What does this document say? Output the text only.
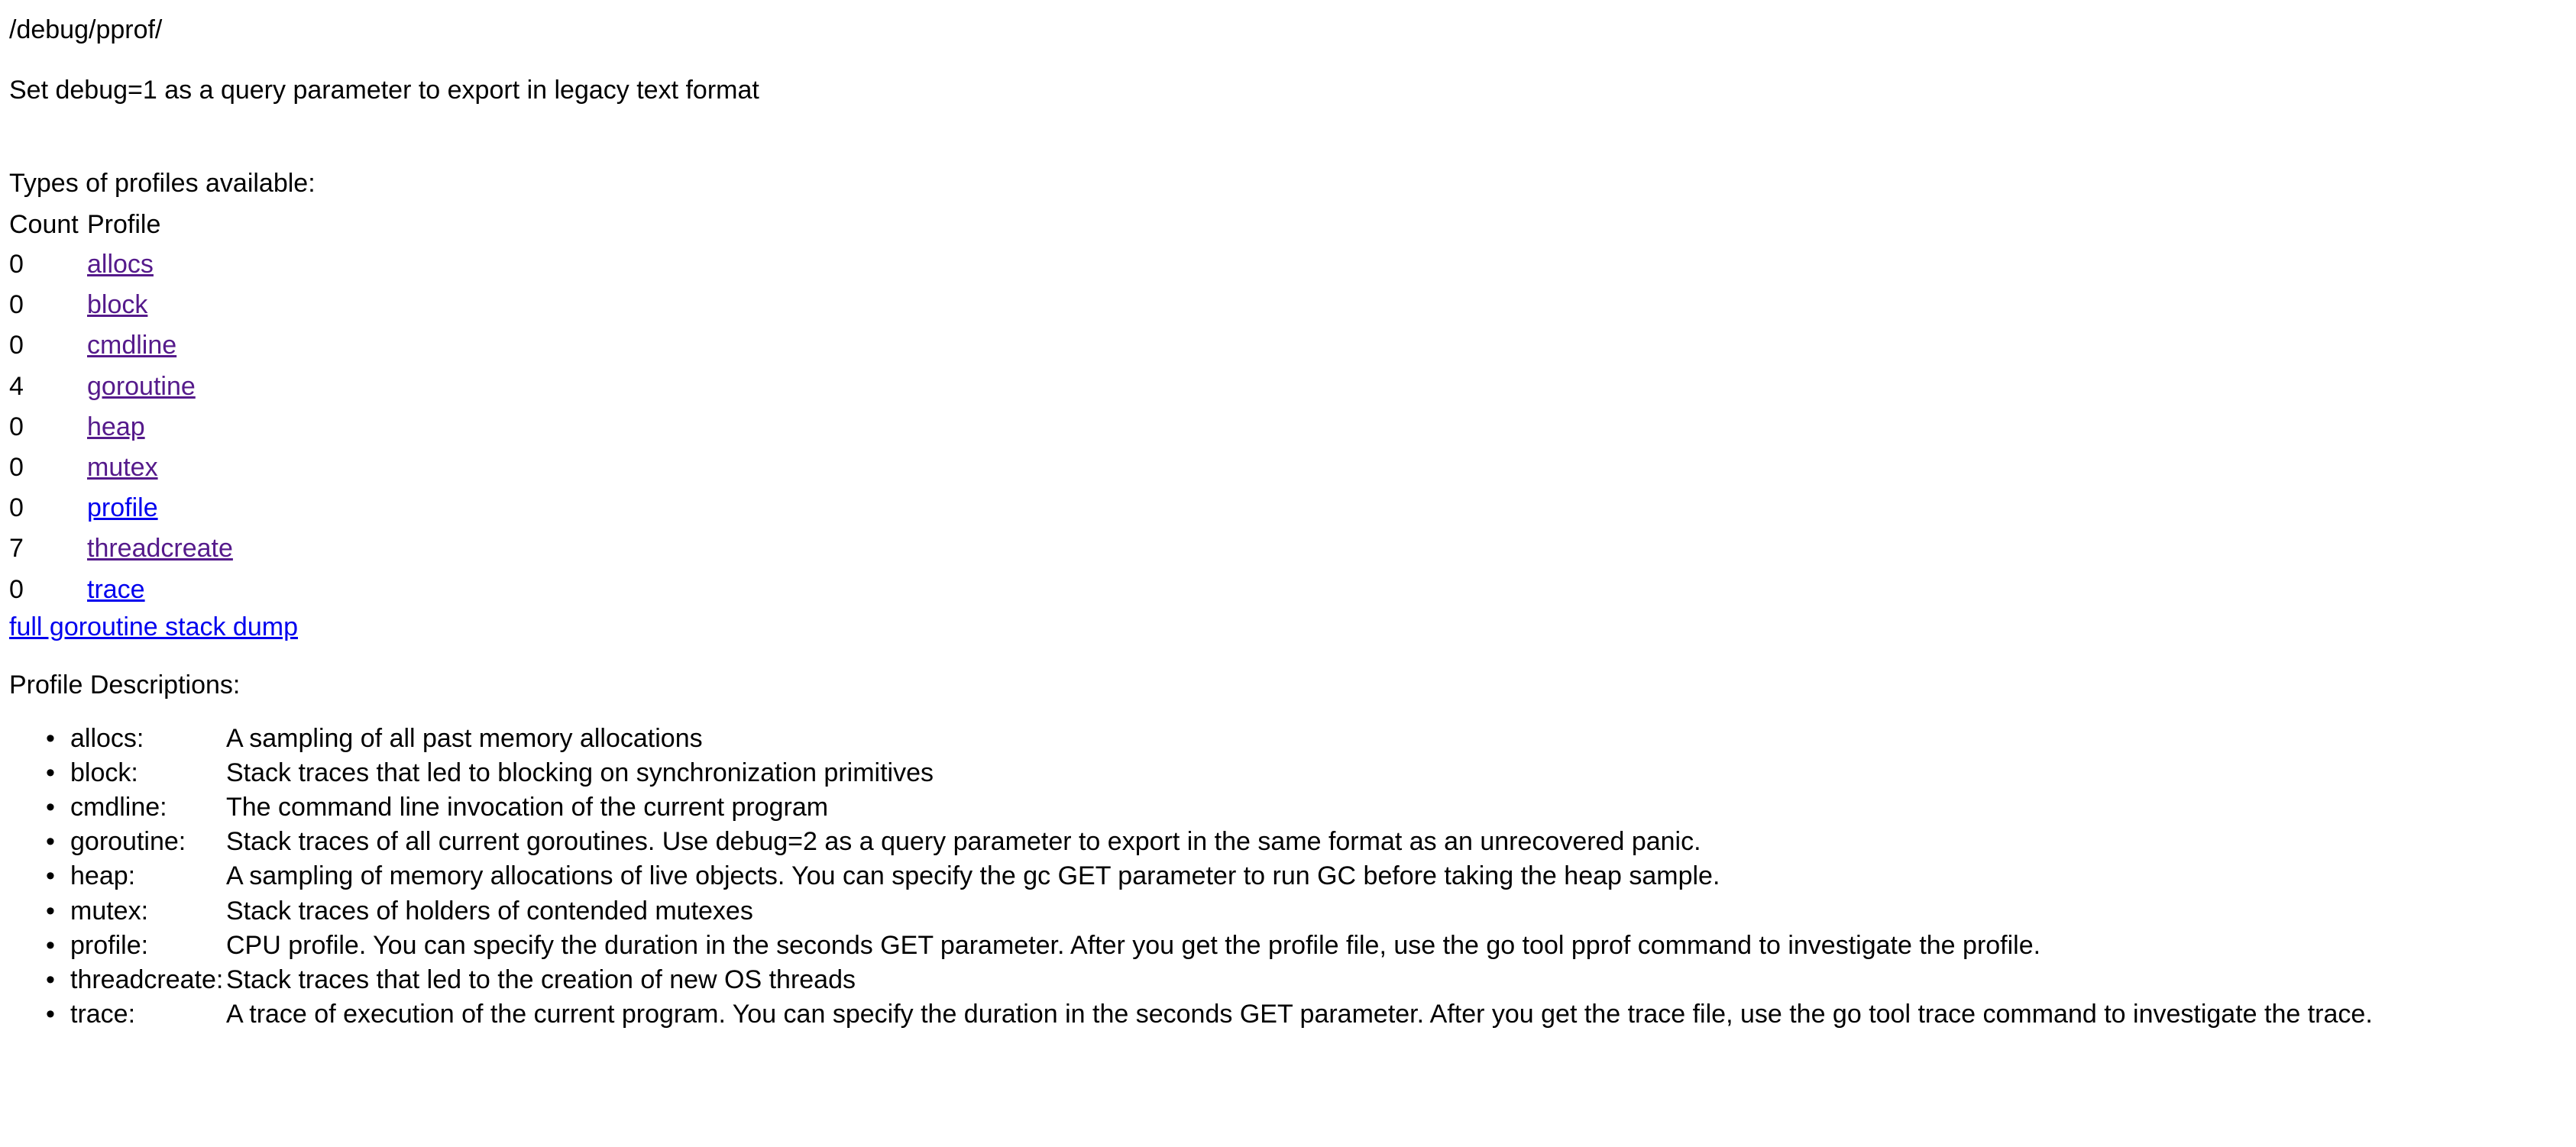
/debug/pprof/
Set debug=1 as a query parameter to export in legacy text format
Types of profiles available:
Count	Profile
0	allocs
0	block
0	cmdline
4	goroutine
0	heap
0	mutex
0	profile
7	threadcreate
0	trace
full goroutine stack dump
Profile Descriptions:
• allocs:	A sampling of all past memory allocations
• block:	Stack traces that led to blocking on synchronization primitives
• cmdline: The command line invocation of the current program
• goroutine: Stack traces of all current goroutines. Use debug=2 as a query parameter to export in the same format as an unrecovered panic.
• heap:	A sampling of memory allocations of live objects. You can specify the gc GET parameter to run GC before taking the heap sample.
• mutex:	Stack traces of holders of contended mutexes
• profile:	CPU profile. You can specify the duration in the seconds GET parameter. After you get the profile file, use the go tool pprof command to investigate the profile.
• threadcreate: Stack traces that led to the creation of new OS threads
• trace:	A trace of execution of the current program. You can specify the duration in the seconds GET parameter. After you get the trace file, use the go tool trace command to investigate the trace.
